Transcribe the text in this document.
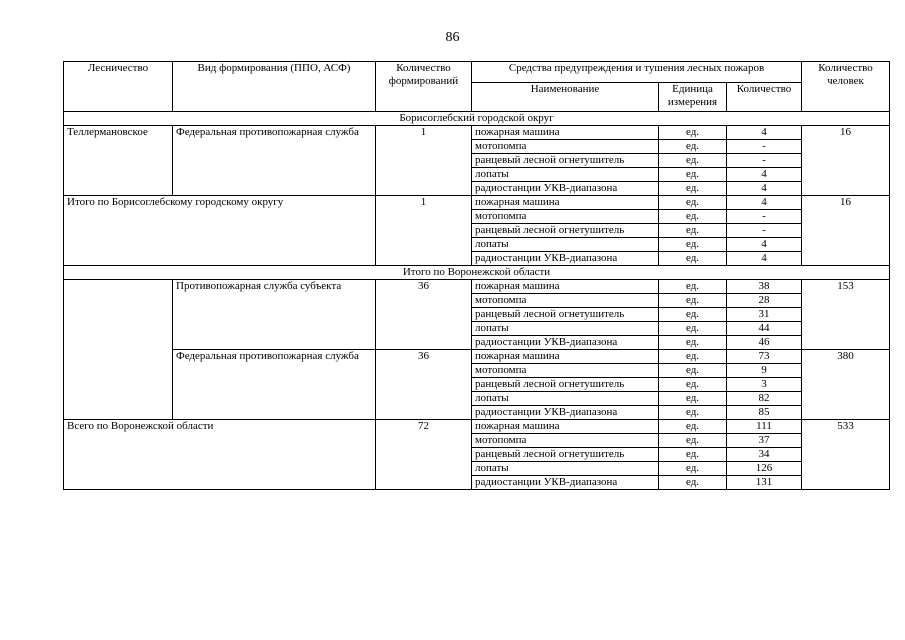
86
Лесничество	Вид формирования (ППО, АСФ)	Количество формирований	Средства предупреждения и тушения лесных пожаров			Количество человек
			Наименование	Единица измерения	Количество	
Борисоглебский городской округ						
Теллермановское	Федеральная противопожарная служба	1	пожарная машина	ед.	4	16
			мотопомпа	ед.	-	
			ранцевый лесной огнетушитель	ед.	-	
			лопаты	ед.	4	
			радиостанции УКВ-диапазона	ед.	4	
Итого по Борисоглебскому городскому округу		1	пожарная машина	ед.	4	16
			мотопомпа	ед.	-	
			ранцевый лесной огнетушитель	ед.	-	
			лопаты	ед.	4	
			радиостанции УКВ-диапазона	ед.	4	
Итого по Воронежской области						
	Противопожарная служба субъекта	36	пожарная машина	ед.	38	153
			мотопомпа	ед.	28	
			ранцевый лесной огнетушитель	ед.	31	
			лопаты	ед.	44	
			радиостанции УКВ-диапазона	ед.	46	
	Федеральная противопожарная служба	36	пожарная машина	ед.	73	380
			мотопомпа	ед.	9	
			ранцевый лесной огнетушитель	ед.	3	
			лопаты	ед.	82	
			радиостанции УКВ-диапазона	ед.	85	
Всего по Воронежской области		72	пожарная машина	ед.	111	533
			мотопомпа	ед.	37	
			ранцевый лесной огнетушитель	ед.	34	
			лопаты	ед.	126	
			радиостанции УКВ-диапазона	ед.	131	
